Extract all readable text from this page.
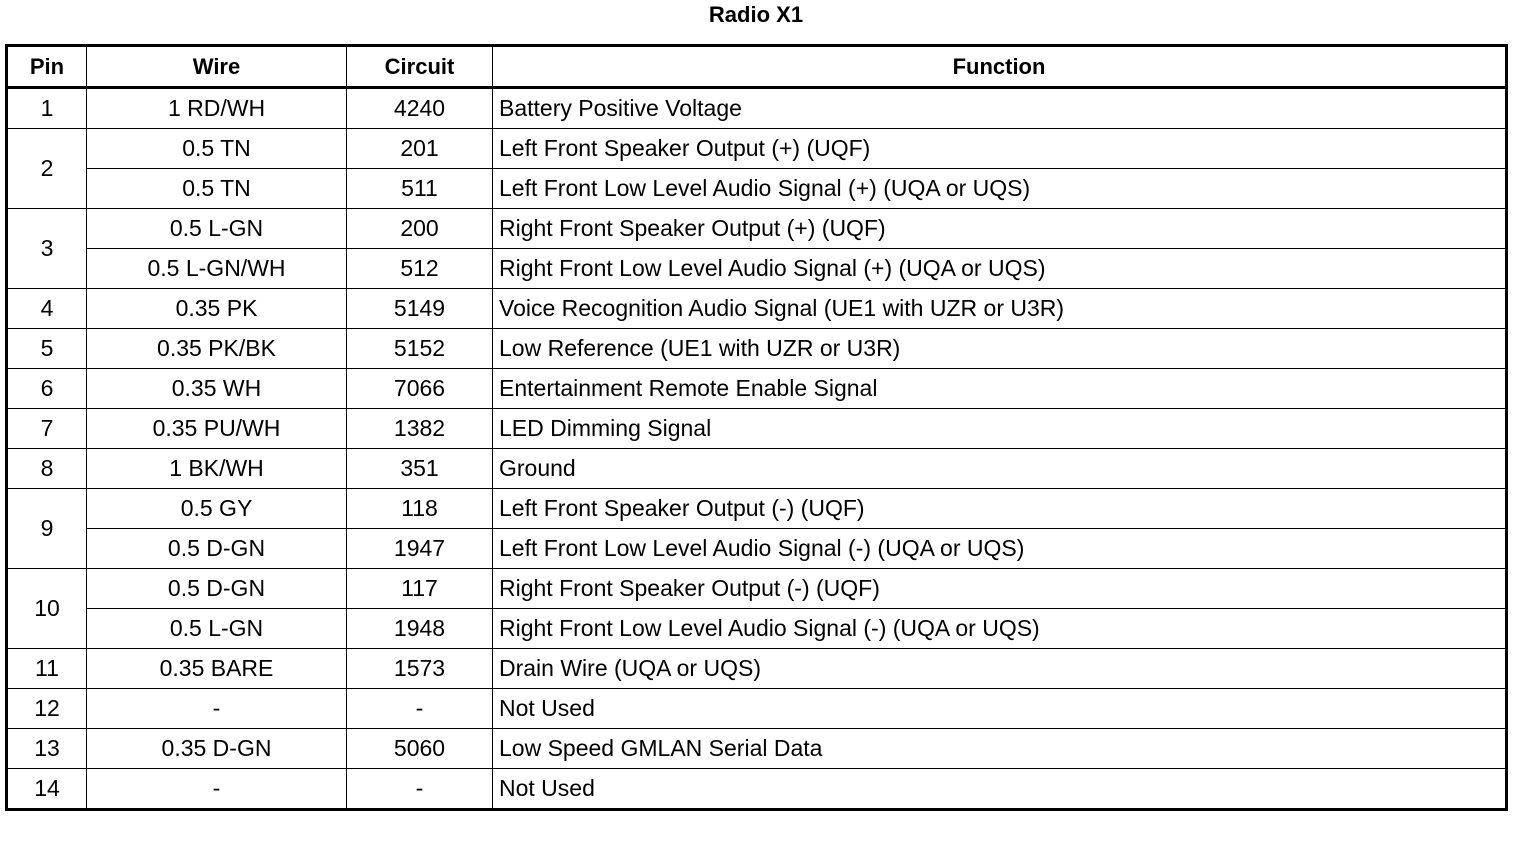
Radio X1
Pin	Wire	Circuit	Function
1	1 RD/WH	4240	Battery Positive Voltage
2	0.5 TN	201	Left Front Speaker Output (+) (UQF)
	0.5 TN	511	Left Front Low Level Audio Signal (+) (UQA or UQS)
3	0.5 L-GN	200	Right Front Speaker Output (+) (UQF)
	0.5 L-GN/WH	512	Right Front Low Level Audio Signal (+) (UQA or UQS)
4	0.35 PK	5149	Voice Recognition Audio Signal (UE1 with UZR or U3R)
5	0.35 PK/BK	5152	Low Reference (UE1 with UZR or U3R)
6	0.35 WH	7066	Entertainment Remote Enable Signal
7	0.35 PU/WH	1382	LED Dimming Signal
8	1 BK/WH	351	Ground
9	0.5 GY	118	Left Front Speaker Output (-) (UQF)
	0.5 D-GN	1947	Left Front Low Level Audio Signal (-) (UQA or UQS)
10	0.5 D-GN	117	Right Front Speaker Output (-) (UQF)
	0.5 L-GN	1948	Right Front Low Level Audio Signal (-) (UQA or UQS)
11	0.35 BARE	1573	Drain Wire (UQA or UQS)
12	-	-	Not Used
13	0.35 D-GN	5060	Low Speed GMLAN Serial Data
14	-	-	Not Used
